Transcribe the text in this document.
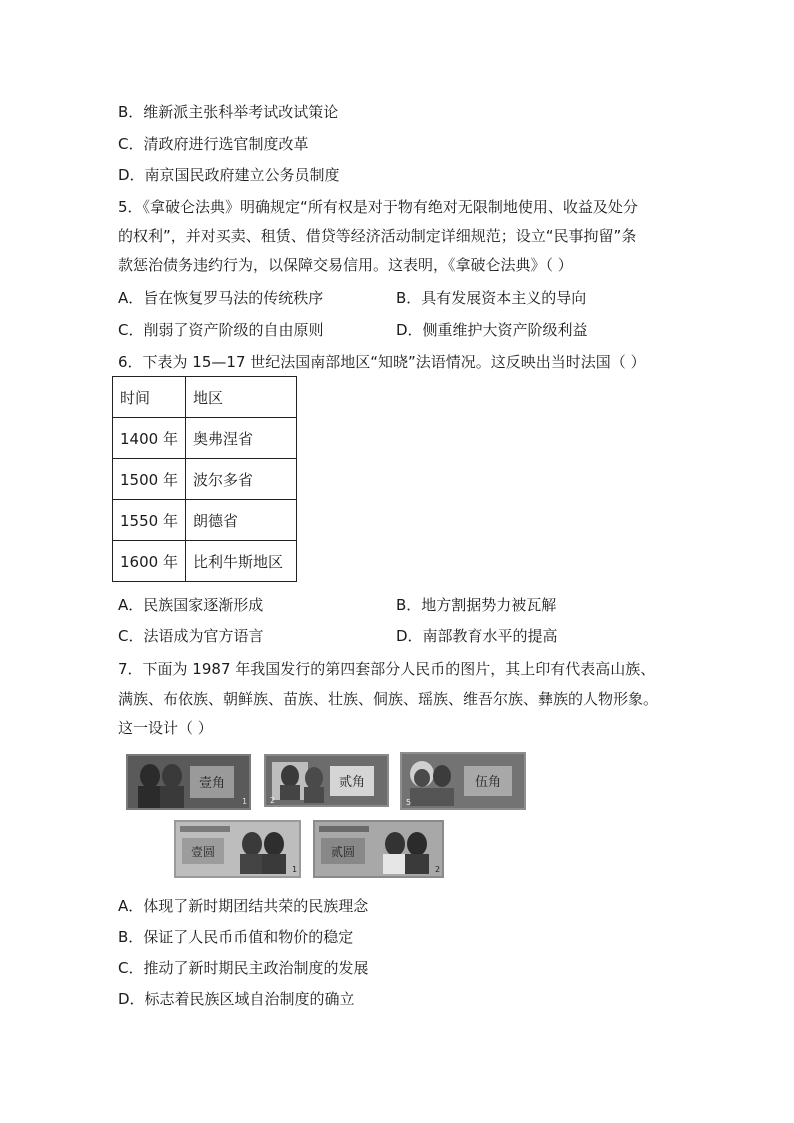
B．维新派主张科举考试改试策论
C．清政府进行选官制度改革
D．南京国民政府建立公务员制度
5．《拿破仑法典》明确规定“所有权是对于物有绝对无限制地使用、收益及处分
的权利”，并对买卖、租赁、借贷等经济活动制定详细规范；设立“民事拘留”条
款惩治债务违约行为，以保障交易信用。这表明，《拿破仑法典》（ ）
A．旨在恢复罗马法的传统秩序	B．具有发展资本主义的导向
C．削弱了资产阶级的自由原则	D．侧重维护大资产阶级利益
6．下表为 15—17 世纪法国南部地区“知晓”法语情况。这反映出当时法国（ ）
时间	地区
1400 年	奥弗涅省
1500 年	波尔多省
1550 年	朗德省
1600 年	比利牛斯地区
A．民族国家逐渐形成	B．地方割据势力被瓦解
C．法语成为官方语言	D．南部教育水平的提高
7．下面为 1987 年我国发行的第四套部分人民币的图片，其上印有代表高山族、
满族、布依族、朝鲜族、苗族、壮族、侗族、瑶族、维吾尔族、彝族的人物形象。
这一设计（ ）
壹角
1
贰角
2
伍角
5
壹圆
1
贰圆
2
A．体现了新时期团结共荣的民族理念
B．保证了人民币币值和物价的稳定
C．推动了新时期民主政治制度的发展
D．标志着民族区域自治制度的确立
